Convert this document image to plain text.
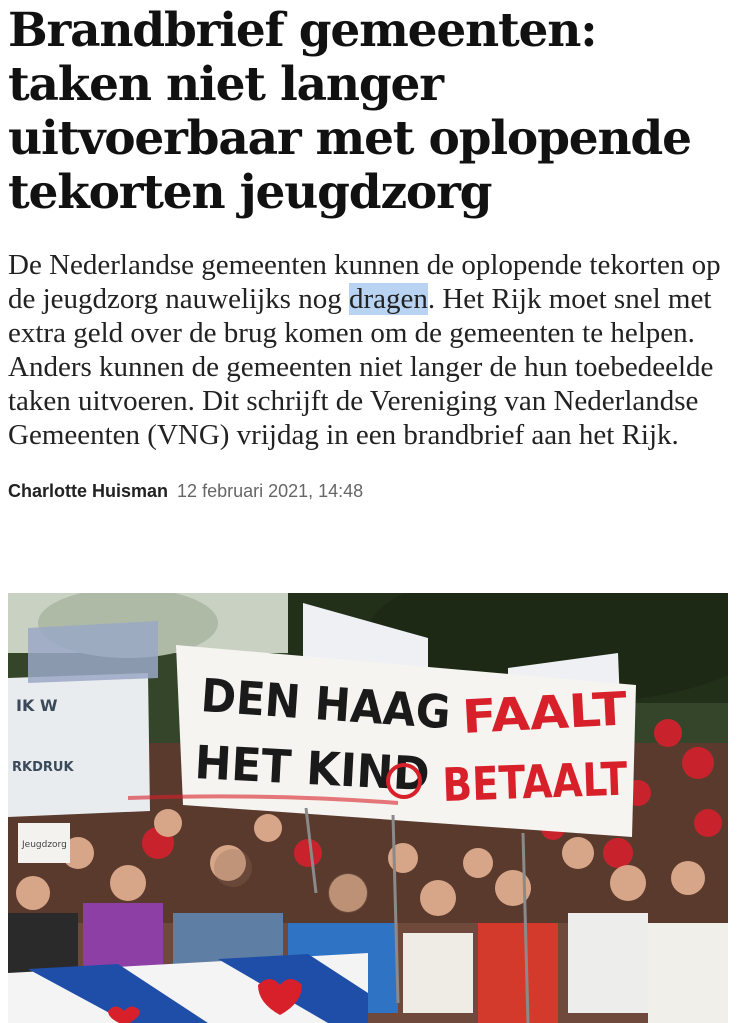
Brandbrief gemeenten: taken niet langer uitvoerbaar met oplopende tekorten jeugdzorg

De Nederlandse gemeenten kunnen de oplopende tekorten op de jeugdzorg nauwelijks nog dragen. Het Rijk moet snel met extra geld over de brug komen om de gemeenten te helpen. Anders kunnen de gemeenten niet langer de hun toebedeelde taken uitvoeren. Dit schrijft de Vereniging van Nederlandse Gemeenten (VNG) vrijdag in een brandbrief aan het Rijk.

Charlotte Huisman 12 februari 2021, 14:48
IK W
RKDRUK
Jeugdzorg
DEN HAAG
FAALT
HET KIND
BETAALT
